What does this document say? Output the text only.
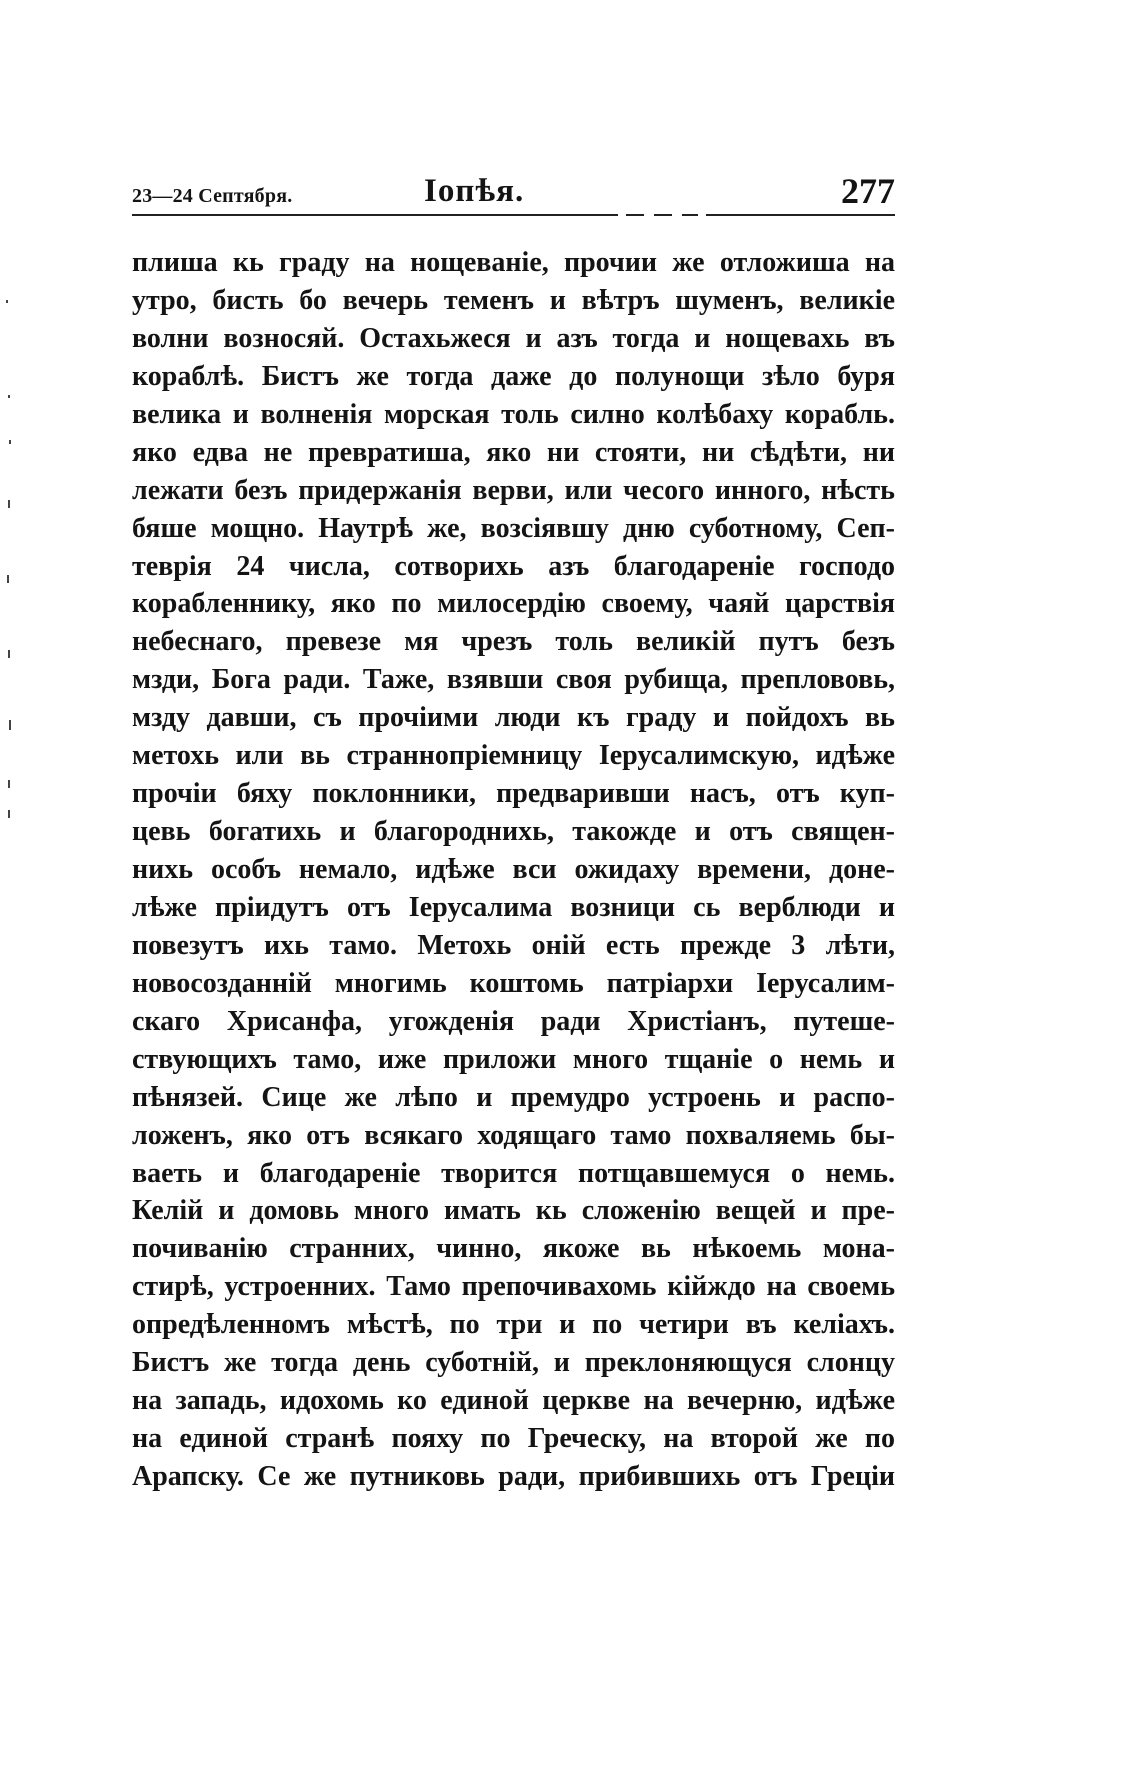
23—24 Септября.	Іопѣя.	277
плиша кь граду на нощеваніе, прочии же отложиша на
утро, бисть бо вечерь теменъ и вѣтръ шуменъ, великіе
волни возносяй. Остахьжеся и азъ тогда и нощевахь въ
кораблѣ. Бистъ же тогда даже до полунощи зѣло буря
велика и волненія морская толь силно колѣбаху корабль.
яко едва не превратиша, яко ни стояти, ни сѣдѣти, ни
лежати безъ придержанія верви, или чесого инного, нѣсть
бяше мощно. Наутрѣ же, возсіявшу дню суботному, Сеп-
теврія 24 числа, сотворихь азъ благодареніе господо
корабленнику, яко по милосердію своему, чаяй царствія
небеснаго, превезе мя чрезъ толь великій путъ безъ
мзди, Бога ради. Таже, взявши своя рубища, преплововь,
мзду давши, съ прочіими люди къ граду и пойдохъ вь
метохь или вь страннопріемницу Іерусалимскую, идѣже
прочіи бяху поклонники, предваривши насъ, отъ куп-
цевь богатихь и благороднихь, такожде и отъ священ-
нихь особъ немало, идѣже вси ожидаху времени, доне-
лѣже пріидутъ отъ Іерусалима возници сь верблюди и
повезутъ ихь тамо. Метохь оній есть прежде 3 лѣти,
новосозданній многимь коштомь патріархи Іерусалим-
скаго Хрисанфа, угожденія ради Христіанъ, путеше-
ствующихъ тамо, иже приложи много тщаніе о немь и
пѣнязей. Сице же лѣпо и премудро устроень и распо-
ложенъ, яко отъ всякаго ходящаго тамо похваляемь бы-
ваеть и благодареніе творится потщавшемуся о немь.
Келій и домовь много имать кь сложенію вещей и пре-
почиванію странних, чинно, якоже вь нѣкоемь мона-
стирѣ, устроенних. Тамо препочивахомь кійждо на своемь
опредѣленномъ мѣстѣ, по три и по четири въ келіахъ.
Бистъ же тогда день суботній, и преклоняющуся слонцу
на западь, идохомь ко единой церкве на вечерню, идѣже
на единой странѣ пояху по Греческу, на второй же по
Арапску. Се же путниковь ради, прибившихь отъ Греціи
